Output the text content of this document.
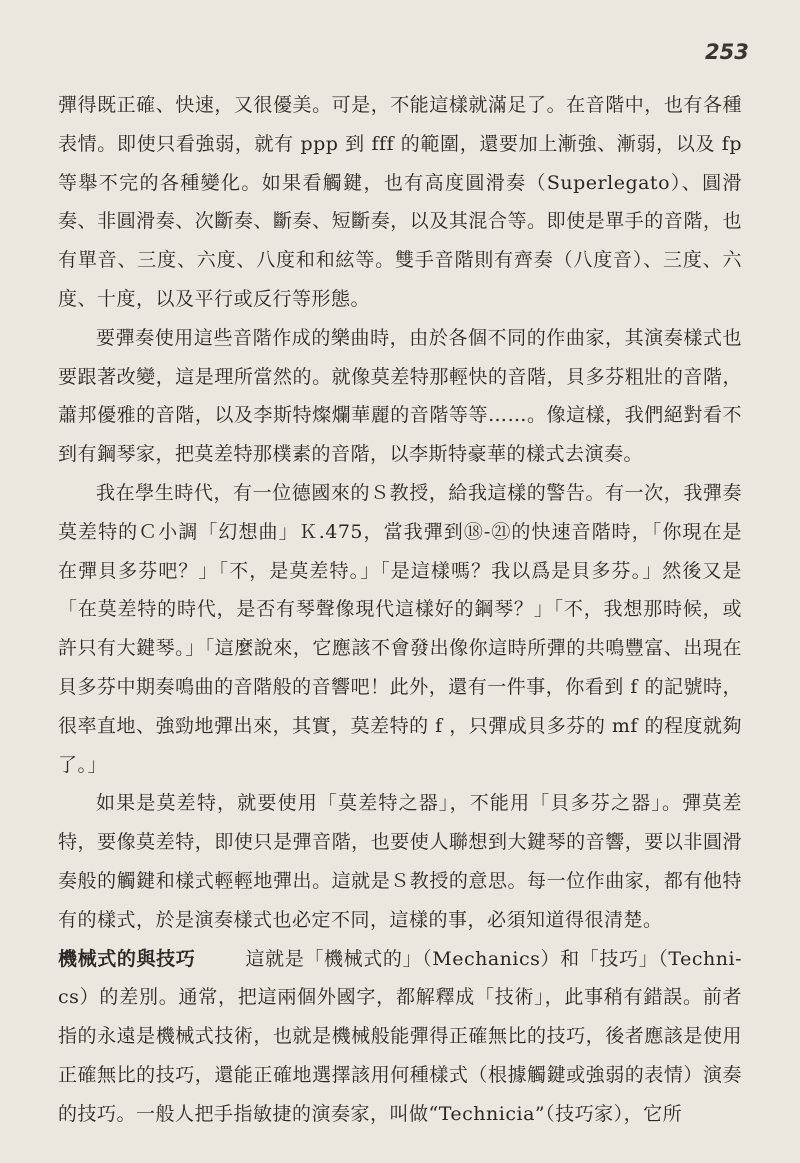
253

彈得既正確、快速，又很優美。可是，不能這樣就滿足了。在音階中，也有各種表情。即使只看強弱，就有 ppp 到 fff 的範圍，還要加上漸強、漸弱，以及 fp 等舉不完的各種變化。如果看觸鍵，也有高度圓滑奏（Superlegato）、圓滑奏、非圓滑奏、次斷奏、斷奏、短斷奏，以及其混合等。即使是單手的音階，也有單音、三度、六度、八度和和絃等。雙手音階則有齊奏（八度音）、三度、六度、十度，以及平行或反行等形態。

要彈奏使用這些音階作成的樂曲時，由於各個不同的作曲家，其演奏樣式也要跟著改變，這是理所當然的。就像莫差特那輕快的音階，貝多芬粗壯的音階，蕭邦優雅的音階，以及李斯特燦爛華麗的音階等等……。像這樣，我們絕對看不到有鋼琴家，把莫差特那樸素的音階，以李斯特豪華的樣式去演奏。

我在學生時代，有一位德國來的Ｓ教授，給我這樣的警告。有一次，我彈奏莫差特的Ｃ小調「幻想曲」Ｋ.475，當我彈到⑱-㉑的快速音階時，「你現在是在彈貝多芬吧？」「不，是莫差特。」「是這樣嗎？我以爲是貝多芬。」然後又是「在莫差特的時代，是否有琴聲像現代這樣好的鋼琴？」「不，我想那時候，或許只有大鍵琴。」「這麼說來，它應該不會發出像你這時所彈的共鳴豐富、出現在貝多芬中期奏鳴曲的音階般的音響吧！此外，還有一件事，你看到 f 的記號時，很率直地、強勁地彈出來，其實，莫差特的 f ，只彈成貝多芬的 mf 的程度就夠了。」

如果是莫差特，就要使用「莫差特之器」，不能用「貝多芬之器」。彈莫差特，要像莫差特，即使只是彈音階，也要使人聯想到大鍵琴的音響，要以非圓滑奏般的觸鍵和樣式輕輕地彈出。這就是Ｓ教授的意思。每一位作曲家，都有他特有的樣式，於是演奏樣式也必定不同，這樣的事，必須知道得很清楚。

機械式的與技巧	這就是「機械式的」（Mechanics）和「技巧」（Techni-cs）的差別。通常，把這兩個外國字，都解釋成「技術」，此事稍有錯誤。前者指的永遠是機械式技術，也就是機械般能彈得正確無比的技巧，後者應該是使用正確無比的技巧，還能正確地選擇該用何種樣式（根據觸鍵或強弱的表情）演奏的技巧。一般人把手指敏捷的演奏家，叫做“Technicia”（技巧家），它所
